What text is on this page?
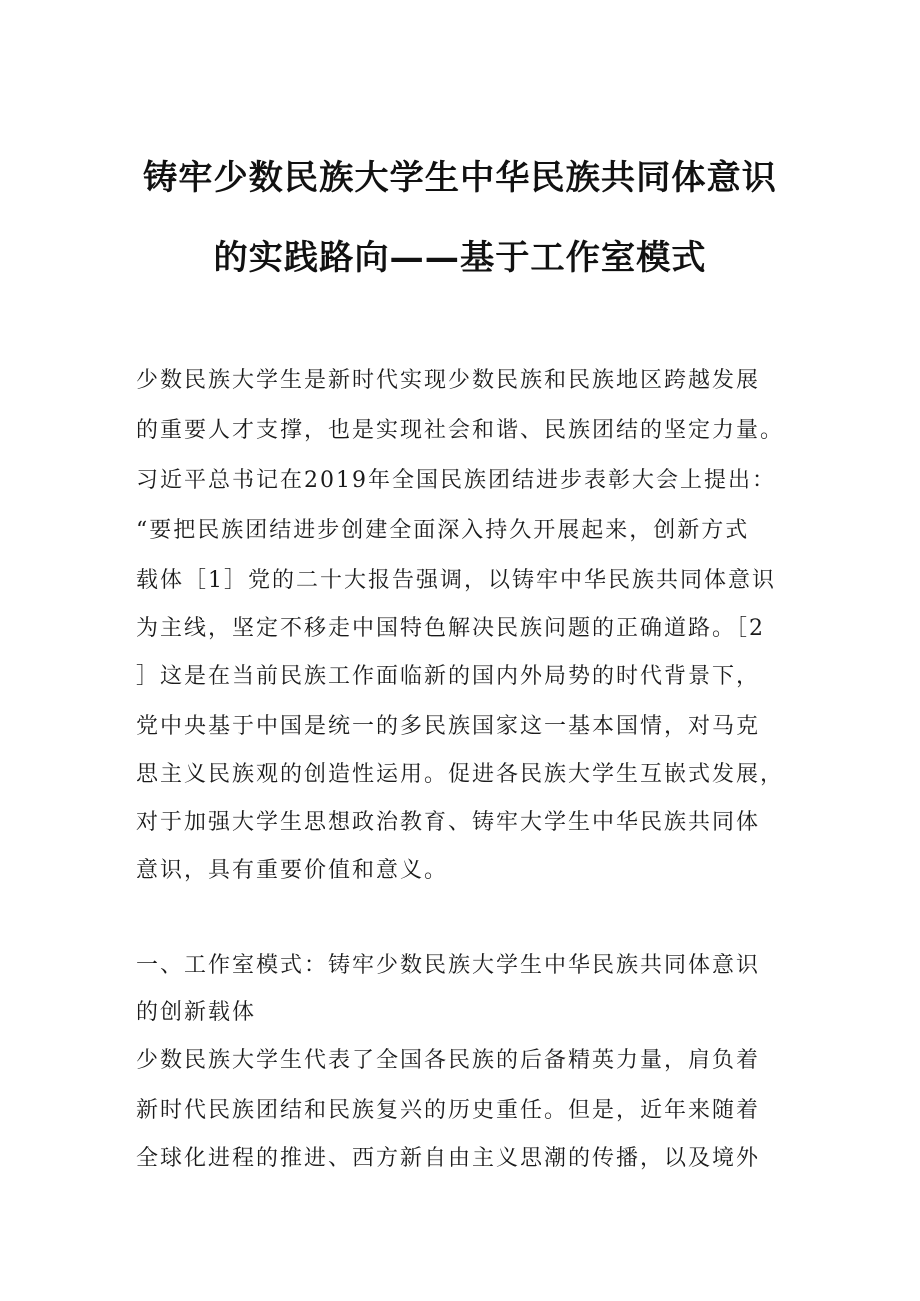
铸牢少数民族大学生中华民族共同体意识
的实践路向——基于工作室模式
少数民族大学生是新时代实现少数民族和民族地区跨越发展
的重要人才支撑，也是实现社会和谐、民族团结的坚定力量。
习近平总书记在2019年全国民族团结进步表彰大会上提出：
“要把民族团结进步创建全面深入持久开展起来，创新方式
载体［1］党的二十大报告强调，以铸牢中华民族共同体意识
为主线，坚定不移走中国特色解决民族问题的正确道路。［2
］这是在当前民族工作面临新的国内外局势的时代背景下，
党中央基于中国是统一的多民族国家这一基本国情，对马克
思主义民族观的创造性运用。促进各民族大学生互嵌式发展，
对于加强大学生思想政治教育、铸牢大学生中华民族共同体
意识，具有重要价值和意义。
一、工作室模式：铸牢少数民族大学生中华民族共同体意识
的创新载体
少数民族大学生代表了全国各民族的后备精英力量，肩负着
新时代民族团结和民族复兴的历史重任。但是，近年来随着
全球化进程的推进、西方新自由主义思潮的传播，以及境外
